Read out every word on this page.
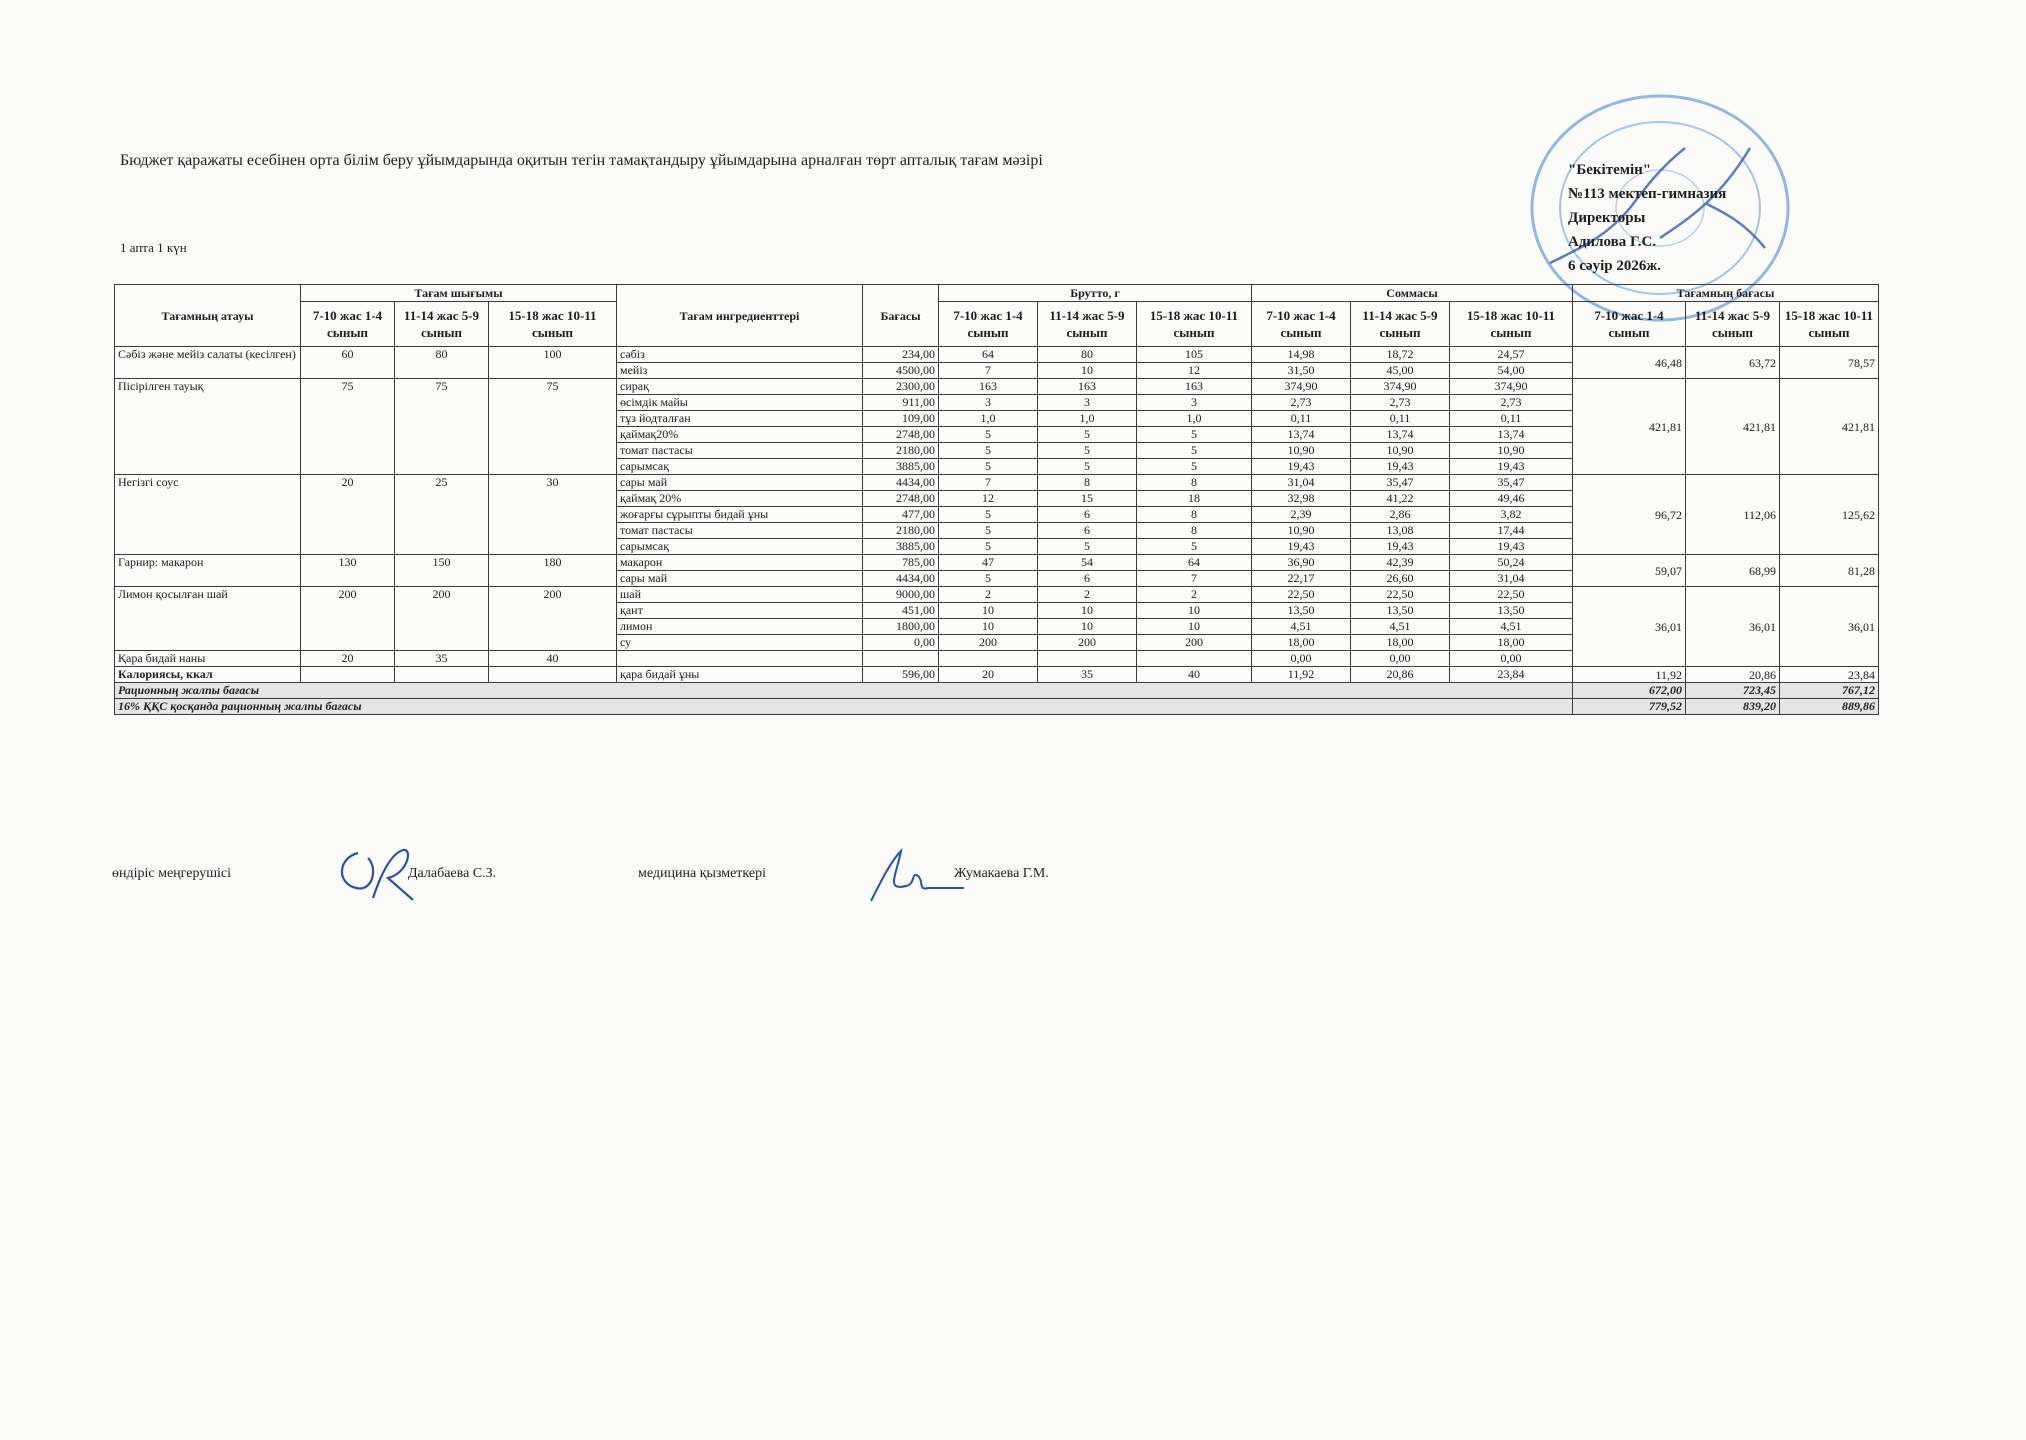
Бюджет қаражаты есебінен орта білім беру ұйымдарында оқитын тегін тамақтандыру ұйымдарына арналған төрт апталық тағам мәзірі
1 апта 1 күн
"Бекітемін"
№113 мектеп-гимназия
Директоры
Адилова Г.С.
6 сәуір 2026ж.
Тағамның атауы	Тағам шығымы			Тағам ингредиенттері	Бағасы	Брутто, г			Соммасы			Тағамның бағасы		
	7-10 жас 1-4 сынып	11-14 жас 5-9 сынып	15-18 жас 10-11 сынып			7-10 жас 1-4 сынып	11-14 жас 5-9 сынып	15-18 жас 10-11 сынып	7-10 жас 1-4 сынып	11-14 жас 5-9 сынып	15-18 жас 10-11 сынып	7-10 жас 1-4 сынып	11-14 жас 5-9 сынып	15-18 жас 10-11 сынып
Сәбіз және мейіз салаты (кесілген)	60	80	100	сәбіз	234,00	64	80	105	14,98	18,72	24,57	46,48	63,72	78,57
				мейіз	4500,00	7	10	12	31,50	45,00	54,00			
Пісірілген тауық	75	75	75	сирақ	2300,00	163	163	163	374,90	374,90	374,90	421,81	421,81	421,81
				өсімдік майы	911,00	3	3	3	2,73	2,73	2,73			
				тұз йодталған	109,00	1,0	1,0	1,0	0,11	0,11	0,11			
				қаймақ20%	2748,00	5	5	5	13,74	13,74	13,74			
				томат пастасы	2180,00	5	5	5	10,90	10,90	10,90			
				сарымсақ	3885,00	5	5	5	19,43	19,43	19,43			
Негізгі соус	20	25	30	сары май	4434,00	7	8	8	31,04	35,47	35,47	96,72	112,06	125,62
				қаймақ 20%	2748,00	12	15	18	32,98	41,22	49,46			
				жоғарғы сұрыпты бидай ұны	477,00	5	6	8	2,39	2,86	3,82			
				томат пастасы	2180,00	5	6	8	10,90	13,08	17,44			
				сарымсақ	3885,00	5	5	5	19,43	19,43	19,43			
Гарнир: макарон	130	150	180	макарон	785,00	47	54	64	36,90	42,39	50,24	59,07	68,99	81,28
				сары май	4434,00	5	6	7	22,17	26,60	31,04			
Лимон қосылған шай	200	200	200	шай	9000,00	2	2	2	22,50	22,50	22,50	36,01	36,01	36,01
				қант	451,00	10	10	10	13,50	13,50	13,50			
				лимон	1800,00	10	10	10	4,51	4,51	4,51			
				су	0,00	200	200	200	18,00	18,00	18,00			
Қара бидай наны	20	35	40						0,00	0,00	0,00			
Калориясы, ккал				қара бидай ұны	596,00	20	35	40	11,92	20,86	23,84	11,92	20,86	23,84
Рационның жалпы бағасы												672,00	723,45	767,12
16% ҚҚС қосқанда рационның жалпы бағасы												779,52	839,20	889,86
өндіріс меңгерушісі	Далабаева С.З.	медицина қызметкері	Жумакаева Г.М.
